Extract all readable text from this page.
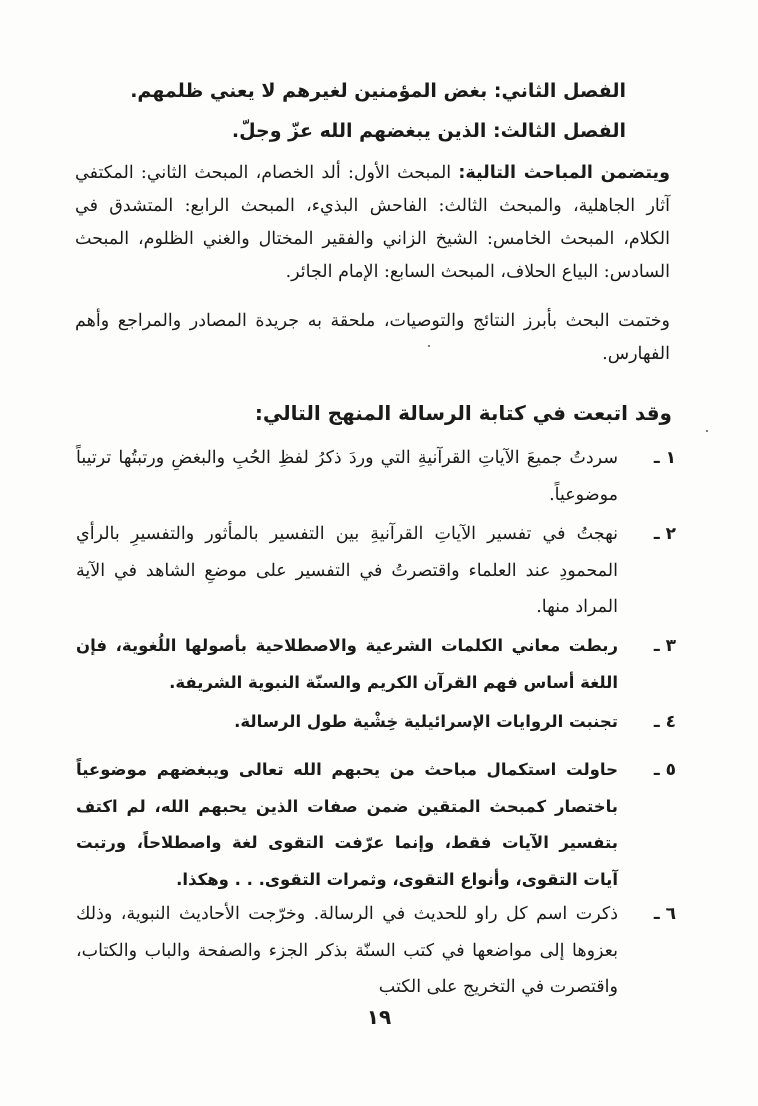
الفصل الثاني: بغض المؤمنين لغيرهم لا يعني ظلمهم.
الفصل الثالث: الذين يبغضهم الله عزّ وجلّ.
ويتضمن المباحث التالية: المبحث الأول: ألد الخصام، المبحث الثاني: المكتفي آثار الجاهلية، والمبحث الثالث: الفاحش البذيء، المبحث الرابع: المتشدق في الكلام، المبحث الخامس: الشيخ الزاني والفقير المختال والغني الظلوم، المبحث السادس: البياع الحلاف، المبحث السابع: الإمام الجائر.
وختمت البحث بأبرز النتائج والتوصيات، ملحقة به جريدة المصادر والمراجع وأهم الفهارس.
وقد اتبعت في كتابة الرسالة المنهج التالي:
١ ـ
سردتُ جميعَ الآياتِ القرآنيةِ التي وردَ ذكرُ لفظِ الحُبِ والبغضِ ورتبتُها ترتيباً موضوعياً.
٢ ـ
نهجتُ في تفسير الآياتِ القرآنيةِ بين التفسير بالمأثور والتفسيرِ بالرأي المحمودِ عند العلماء واقتصرتُ في التفسير على موضعِ الشاهد في الآية المراد منها.
٣ ـ
ربطت معاني الكلمات الشرعية والاصطلاحية بأصولها اللُغوية، فإن اللغة أساس فهم القرآن الكريم والسنّة النبوية الشريفة.
٤ ـ
تجنبت الروايات الإسرائيلية خِشْية طول الرسالة.
٥ ـ
حاولت استكمال مباحث من يحبهم الله تعالى ويبغضهم موضوعياً باختصار كمبحث المتقين ضمن صفات الذين يحبهم الله، لم اكتف بتفسير الآيات فقط، وإنما عرّفت التقوى لغة واصطلاحاً، ورتبت آيات التقوى، وأنواع التقوى، وثمرات التقوى. . . وهكذا.
٦ ـ
ذكرت اسم كل راو للحديث في الرسالة. وخرّجت الأحاديث النبوية، وذلك بعزوها إلى مواضعها في كتب السنّة بذكر الجزء والصفحة والباب والكتاب، واقتصرت في التخريج على الكتب
١٩
